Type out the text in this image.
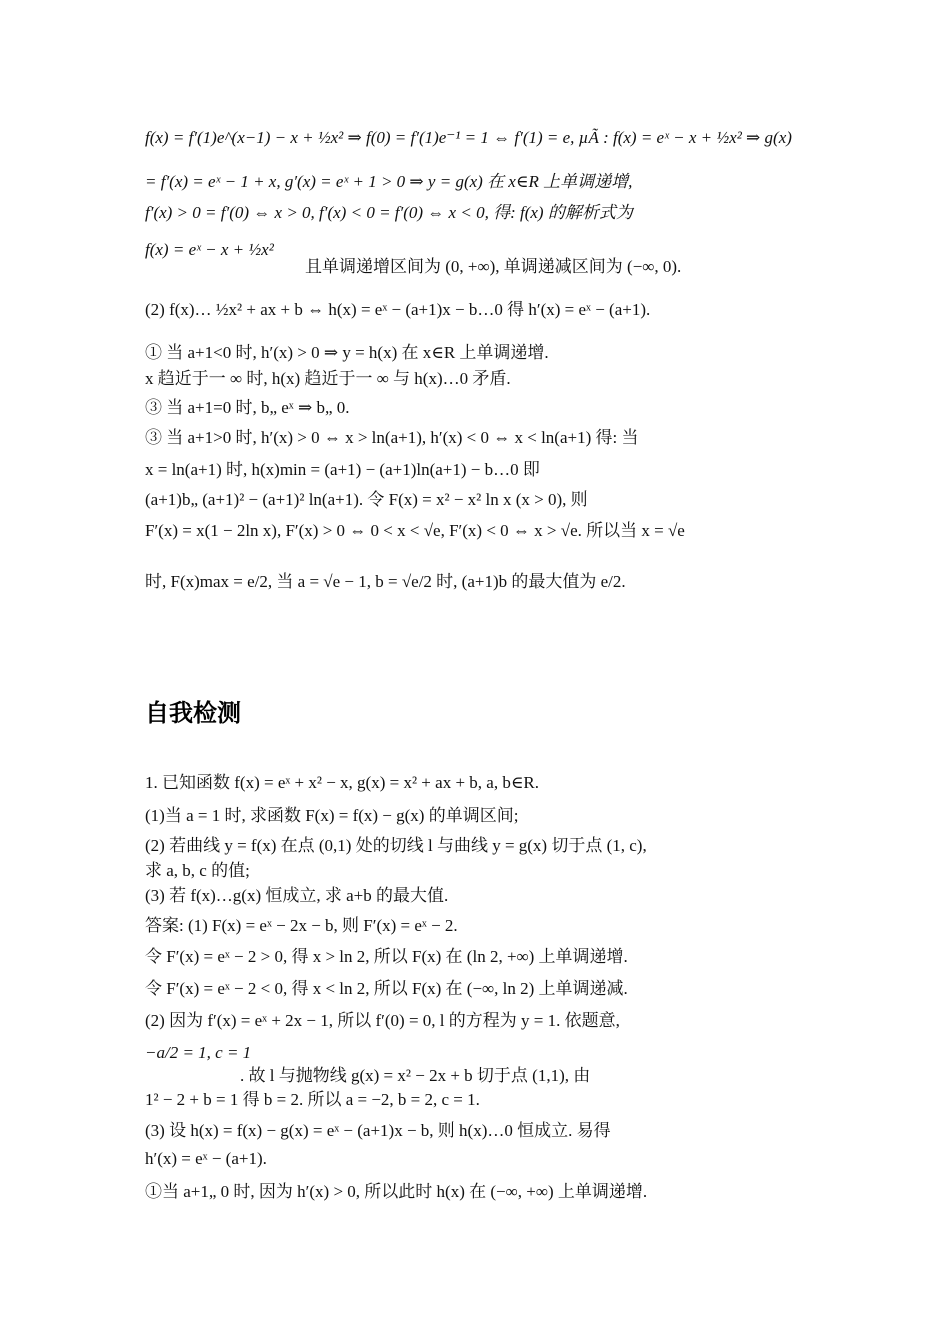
f(x) = f′(1)e^(x−1) − x + ½x² ⇒ f(0) = f′(1)e⁻¹ = 1 ⇔ f′(1) = e, µÃ : f(x) = eˣ − x + ½x² ⇒ g(x)
= f′(x) = eˣ − 1 + x, g′(x) = eˣ + 1 > 0 ⇒ y = g(x) 在 x∈R 上单调递增,
f′(x) > 0 = f′(0) ⇔ x > 0, f′(x) < 0 = f′(0) ⇔ x < 0, 得: f(x) 的解析式为
f(x) = eˣ − x + ½x²
且单调递增区间为 (0, +∞), 单调递减区间为 (−∞, 0).
(2) f(x)… ½x² + ax + b ⇔ h(x) = eˣ − (a+1)x − b…0 得 h′(x) = eˣ − (a+1).
① 当 a+1<0 时, h′(x) > 0 ⇒ y = h(x) 在 x∈R 上单调递增.
x 趋近于一 ∞ 时, h(x) 趋近于一 ∞ 与 h(x)…0 矛盾.
③ 当 a+1=0 时, b„ eˣ ⇒ b„ 0.
③ 当 a+1>0 时, h′(x) > 0 ⇔ x > ln(a+1), h′(x) < 0 ⇔ x < ln(a+1) 得: 当
x = ln(a+1) 时, h(x)min = (a+1) − (a+1)ln(a+1) − b…0 即
(a+1)b„ (a+1)² − (a+1)² ln(a+1). 令 F(x) = x² − x² ln x (x > 0), 则
F′(x) = x(1 − 2ln x), F′(x) > 0 ⇔ 0 < x < √e, F′(x) < 0 ⇔ x > √e. 所以当 x = √e
时, F(x)max = e/2, 当 a = √e − 1, b = √e/2 时, (a+1)b 的最大值为 e/2.
自我检测
1. 已知函数 f(x) = eˣ + x² − x, g(x) = x² + ax + b, a, b∈R.
(1)当 a = 1 时, 求函数 F(x) = f(x) − g(x) 的单调区间;
(2) 若曲线 y = f(x) 在点 (0,1) 处的切线 l 与曲线 y = g(x) 切于点 (1, c),
求 a, b, c 的值;
(3) 若 f(x)…g(x) 恒成立, 求 a+b 的最大值.
答案: (1) F(x) = eˣ − 2x − b, 则 F′(x) = eˣ − 2.
令 F′(x) = eˣ − 2 > 0, 得 x > ln 2, 所以 F(x) 在 (ln 2, +∞) 上单调递增.
令 F′(x) = eˣ − 2 < 0, 得 x < ln 2, 所以 F(x) 在 (−∞, ln 2) 上单调递减.
(2) 因为 f′(x) = eˣ + 2x − 1, 所以 f′(0) = 0, l 的方程为 y = 1. 依题意,
−a/2 = 1, c = 1
. 故 l 与抛物线 g(x) = x² − 2x + b 切于点 (1,1), 由
1² − 2 + b = 1 得 b = 2. 所以 a = −2, b = 2, c = 1.
(3) 设 h(x) = f(x) − g(x) = eˣ − (a+1)x − b, 则 h(x)…0 恒成立. 易得
h′(x) = eˣ − (a+1).
①当 a+1„ 0 时, 因为 h′(x) > 0, 所以此时 h(x) 在 (−∞, +∞) 上单调递增.
